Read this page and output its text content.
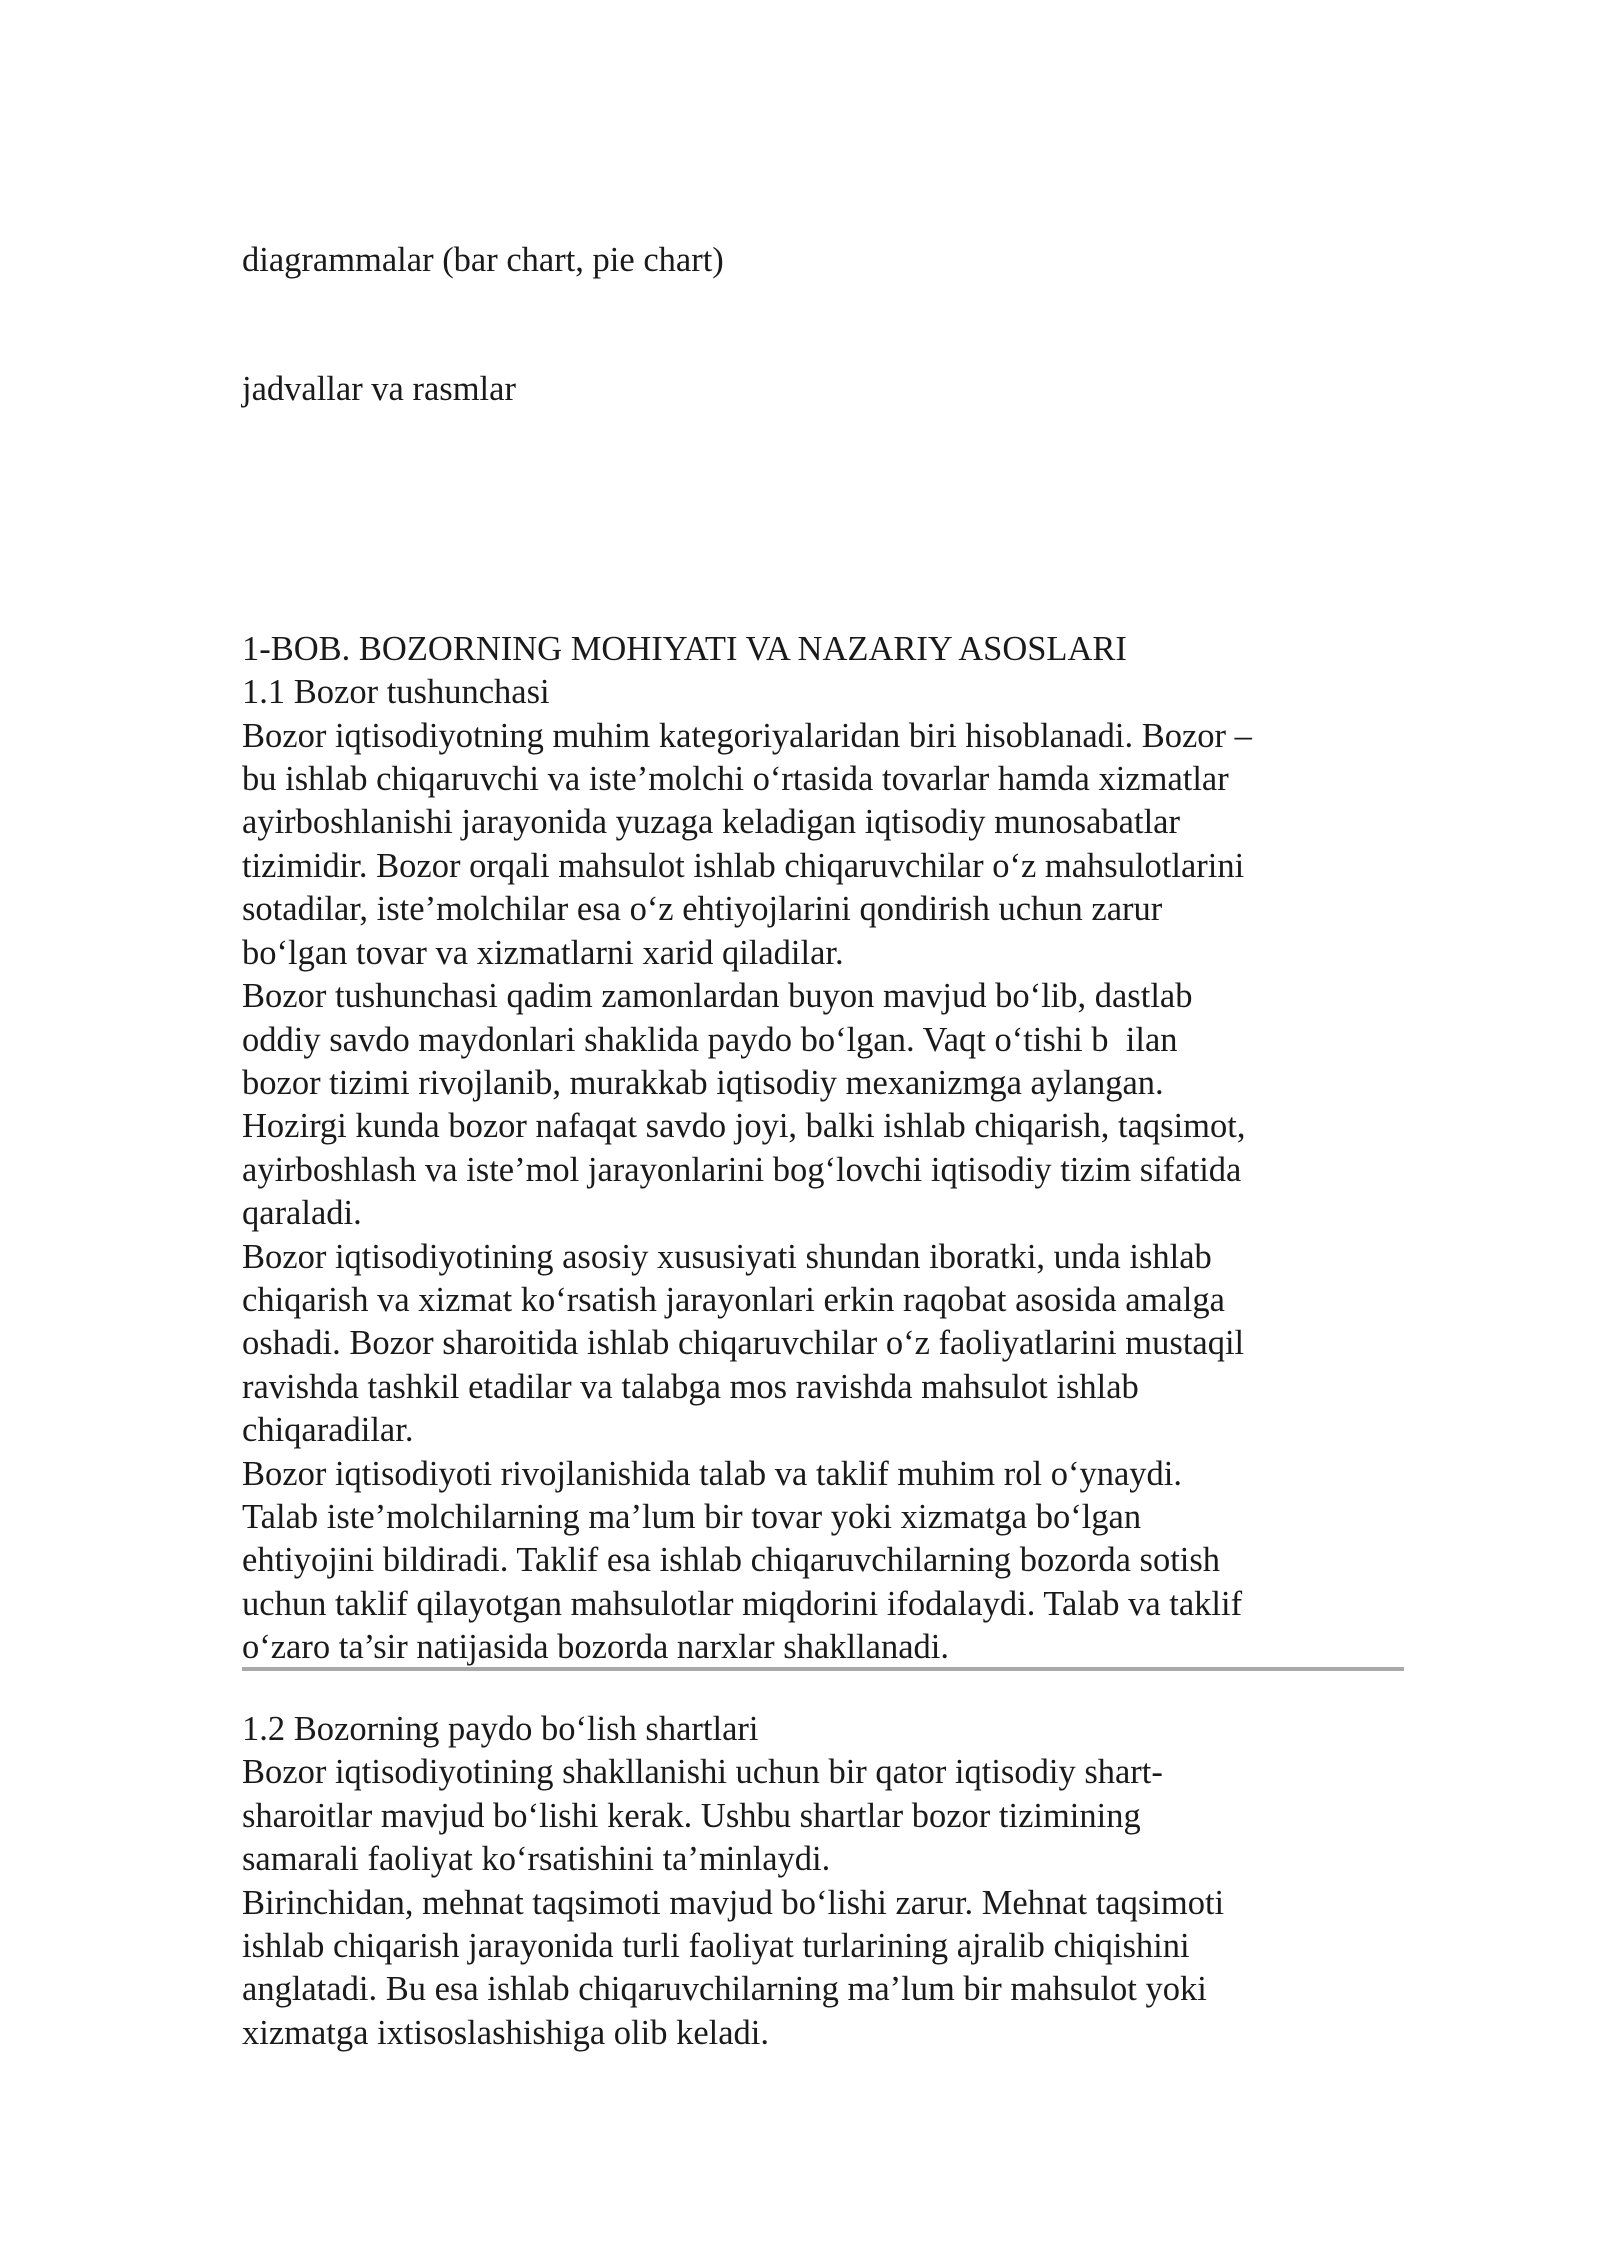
diagrammalar (bar chart, pie chart)

jadvallar va rasmlar

1-BOB. BOZORNING MOHIYATI VA NAZARIY ASOSLARI

1.1 Bozor tushunchasi

Bozor iqtisodiyotning muhim kategoriyalaridan biri hisoblanadi. Bozor –

bu ishlab chiqaruvchi va iste’molchi o‘rtasida tovarlar hamda xizmatlar

ayirboshlanishi jarayonida yuzaga keladigan iqtisodiy munosabatlar

tizimidir. Bozor orqali mahsulot ishlab chiqaruvchilar o‘z mahsulotlarini

sotadilar, iste’molchilar esa o‘z ehtiyojlarini qondirish uchun zarur

bo‘lgan tovar va xizmatlarni xarid qiladilar.

Bozor tushunchasi qadim zamonlardan buyon mavjud bo‘lib, dastlab

oddiy savdo maydonlari shaklida paydo bo‘lgan. Vaqt o‘tishi b  ilan

bozor tizimi rivojlanib, murakkab iqtisodiy mexanizmga aylangan.

Hozirgi kunda bozor nafaqat savdo joyi, balki ishlab chiqarish, taqsimot,

ayirboshlash va iste’mol jarayonlarini bog‘lovchi iqtisodiy tizim sifatida

qaraladi.

Bozor iqtisodiyotining asosiy xususiyati shundan iboratki, unda ishlab

chiqarish va xizmat ko‘rsatish jarayonlari erkin raqobat asosida amalga

oshadi. Bozor sharoitida ishlab chiqaruvchilar o‘z faoliyatlarini mustaqil

ravishda tashkil etadilar va talabga mos ravishda mahsulot ishlab

chiqaradilar.

Bozor iqtisodiyoti rivojlanishida talab va taklif muhim rol o‘ynaydi.

Talab iste’molchilarning ma’lum bir tovar yoki xizmatga bo‘lgan

ehtiyojini bildiradi. Taklif esa ishlab chiqaruvchilarning bozorda sotish

uchun taklif qilayotgan mahsulotlar miqdorini ifodalaydi. Talab va taklif

o‘zaro ta’sir natijasida bozorda narxlar shakllanadi.

1.2 Bozorning paydo bo‘lish shartlari

Bozor iqtisodiyotining shakllanishi uchun bir qator iqtisodiy shart-

sharoitlar mavjud bo‘lishi kerak. Ushbu shartlar bozor tizimining

samarali faoliyat ko‘rsatishini ta’minlaydi.

Birinchidan, mehnat taqsimoti mavjud bo‘lishi zarur. Mehnat taqsimoti

ishlab chiqarish jarayonida turli faoliyat turlarining ajralib chiqishini

anglatadi. Bu esa ishlab chiqaruvchilarning ma’lum bir mahsulot yoki

xizmatga ixtisoslashishiga olib keladi.
